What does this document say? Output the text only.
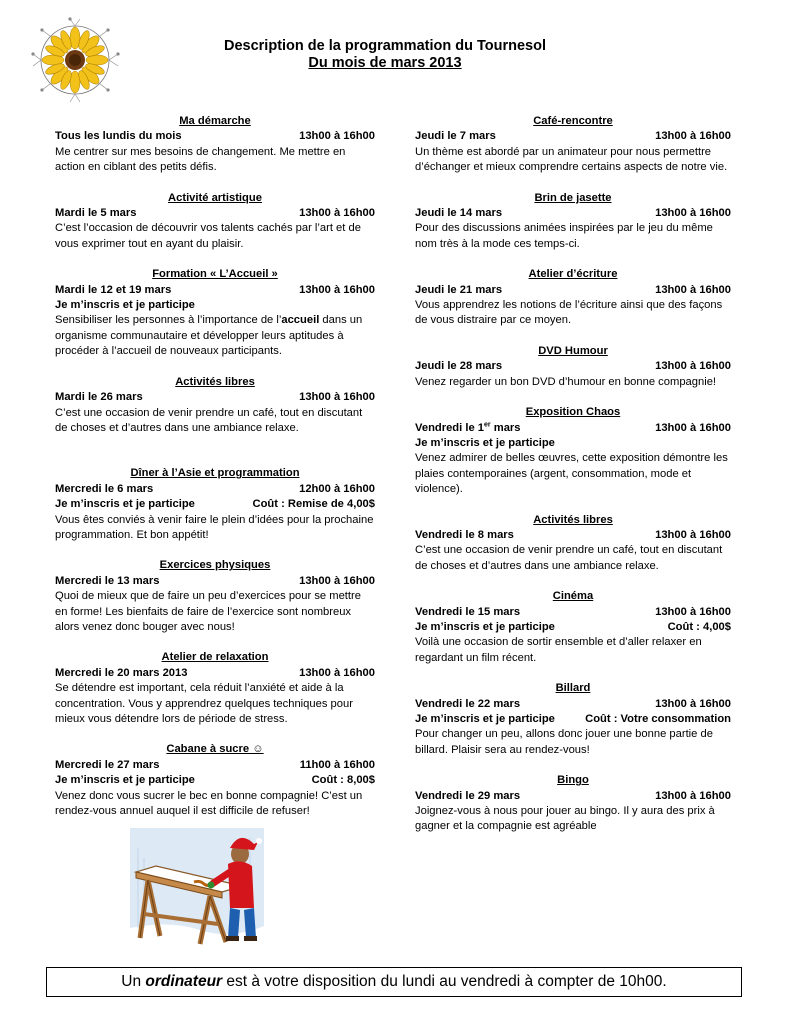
Description de la programmation du Tournesol
Du mois de mars 2013
Ma démarche
Tous les lundis du mois	13h00 à 16h00
Me centrer sur mes besoins de changement. Me mettre en action en ciblant des petits défis.
Activité artistique
Mardi le 5 mars	13h00 à 16h00
C’est l’occasion de découvrir vos talents cachés par l’art et de vous exprimer tout en ayant du plaisir.
Formation « L’Accueil »
Mardi le 12 et 19 mars	13h00 à 16h00
Je m’inscris et je participe
Sensibiliser les personnes à l’importance de l’accueil dans un organisme communautaire et développer leurs aptitudes à procéder à l’accueil de nouveaux participants.
Activités libres
Mardi le 26 mars	13h00 à 16h00
C’est une occasion de venir prendre un café, tout en discutant de choses et d’autres dans une ambiance relaxe.
Dîner à l’Asie et programmation
Mercredi le 6 mars	12h00 à 16h00
Je m’inscris et je participe	Coût : Remise de 4,00$
Vous êtes conviés à venir faire le plein d’idées pour la prochaine programmation. Et bon appétit!
Exercices physiques
Mercredi le 13 mars	13h00 à 16h00
Quoi de mieux que de faire un peu d’exercices pour se mettre en forme! Les bienfaits de faire de l’exercice sont nombreux alors venez donc bouger avec nous!
Atelier de relaxation
Mercredi le 20 mars 2013	13h00 à 16h00
Se détendre est important, cela réduit l’anxiété et aide à la concentration. Vous y apprendrez quelques techniques pour mieux vous détendre lors de période de stress.
Cabane à sucre ☺
Mercredi le 27 mars	11h00 à 16h00
Je m’inscris et je participe	Coût : 8,00$
Venez donc vous sucrer le bec en bonne compagnie! C’est un rendez-vous annuel auquel il est difficile de refuser!
Café-rencontre
Jeudi le 7 mars	13h00 à 16h00
Un thème est abordé par un animateur pour nous permettre d’échanger et mieux comprendre certains aspects de notre vie.
Brin de jasette
Jeudi le 14 mars	13h00 à 16h00
Pour des discussions animées inspirées par le jeu du même nom très à la mode ces temps-ci.
Atelier d’écriture
Jeudi le 21 mars	13h00 à 16h00
Vous apprendrez les notions de l’écriture ainsi que des façons de vous distraire par ce moyen.
DVD Humour
Jeudi le 28 mars	13h00 à 16h00
Venez regarder un bon DVD d’humour en bonne compagnie!
Exposition Chaos
Vendredi le 1er mars	13h00 à 16h00
Je m’inscris et je participe
Venez admirer de belles œuvres, cette exposition démontre les plaies contemporaines (argent, consommation, mode et violence).
Activités libres
Vendredi le 8 mars	13h00 à 16h00
C’est une occasion de venir prendre un café, tout en discutant de choses et d’autres dans une ambiance relaxe.
Cinéma
Vendredi le 15 mars	13h00 à 16h00
Je m’inscris et je participe	Coût : 4,00$
Voilà une occasion de sortir ensemble et d’aller relaxer en regardant un film récent.
Billard
Vendredi le 22 mars	13h00 à 16h00
Je m’inscris et je participe	Coût : Votre consommation
Pour changer un peu, allons donc jouer une bonne partie de billard. Plaisir sera au rendez-vous!
Bingo
Vendredi le 29 mars	13h00 à 16h00
Joignez-vous à nous pour jouer au bingo. Il y aura des prix à gagner et la compagnie est agréable
Un ordinateur est à votre disposition du lundi au vendredi à compter de 10h00.
